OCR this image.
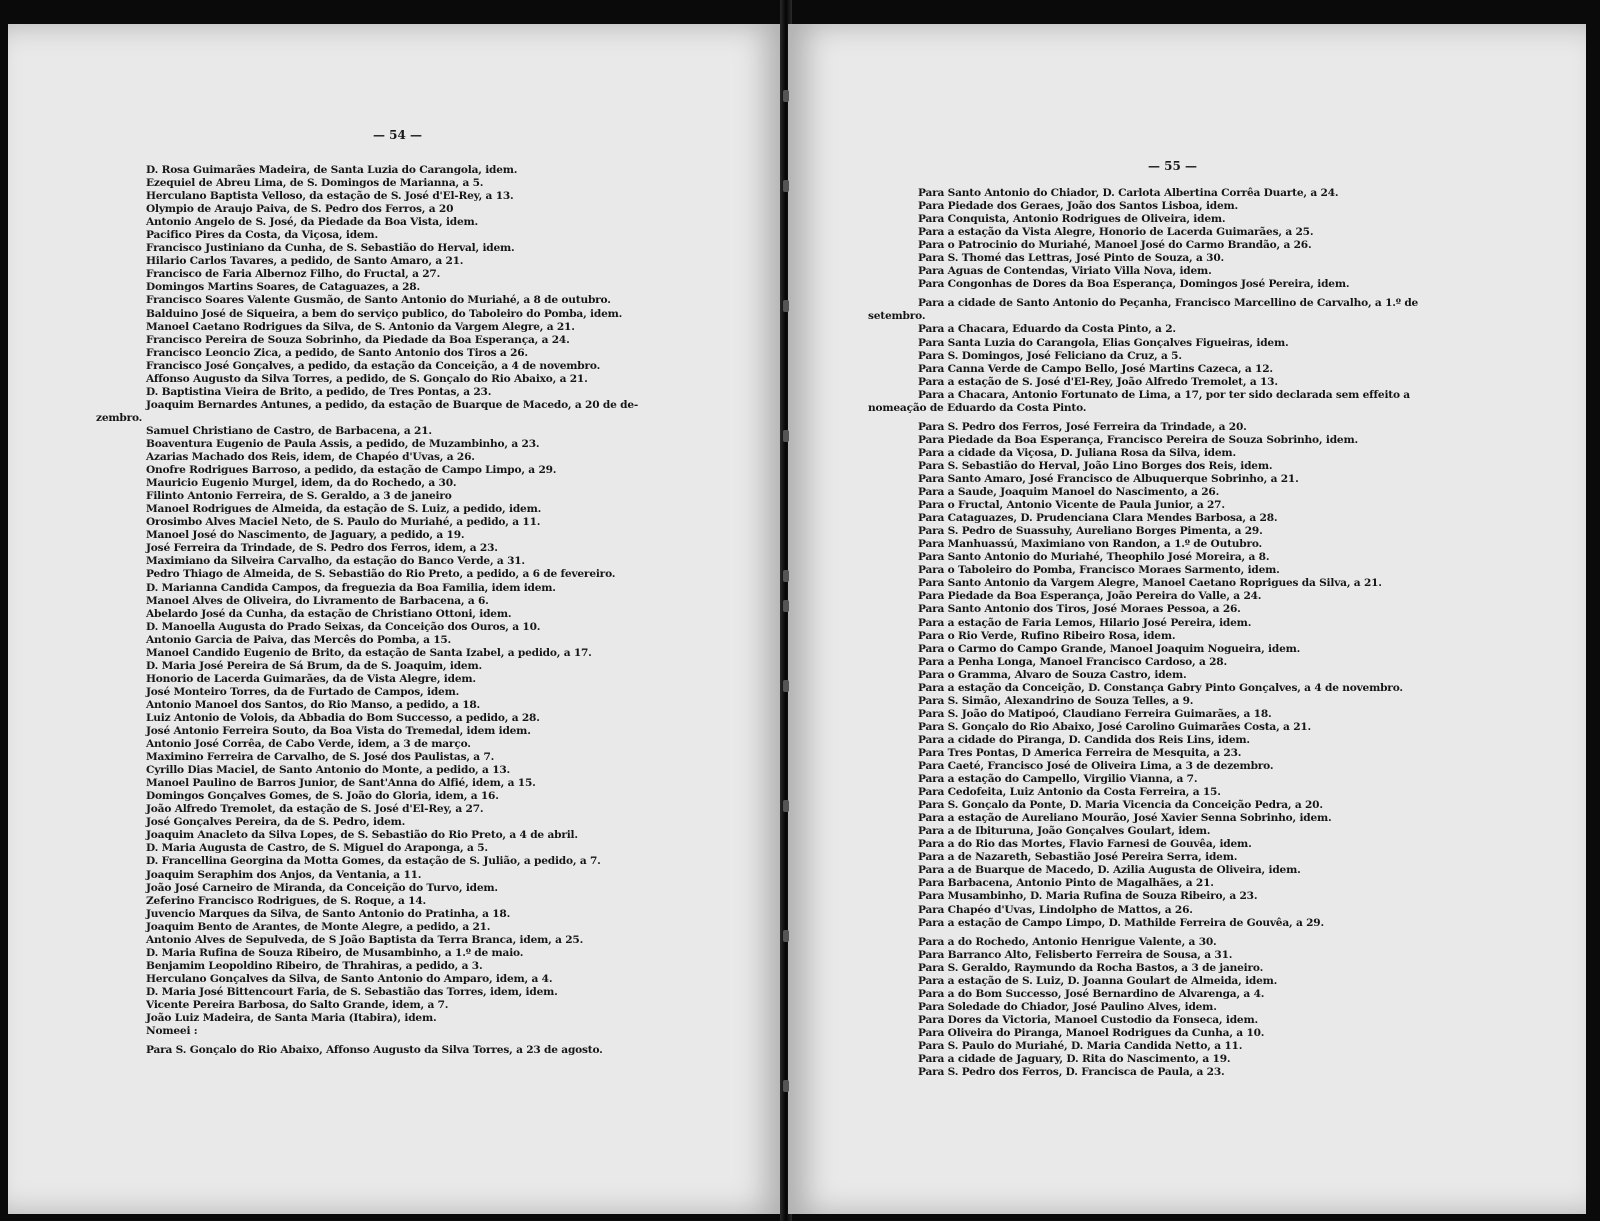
— 54 —
D. Rosa Guimarães Madeira, de Santa Luzia do Carangola, idem.
Ezequiel de Abreu Lima, de S. Domingos de Marianna, a 5.
Herculano Baptista Velloso, da estação de S. José d'El-Rey, a 13.
Olympio de Araujo Paiva, de S. Pedro dos Ferros, a 20
Antonio Angelo de S. José, da Piedade da Boa Vista, idem.
Pacifico Pires da Costa, da Viçosa, idem.
Francisco Justiniano da Cunha, de S. Sebastião do Herval, idem.
Hilario Carlos Tavares, a pedido, de Santo Amaro, a 21.
Francisco de Faria Albernoz Filho, do Fructal, a 27.
Domingos Martins Soares, de Cataguazes, a 28.
Francisco Soares Valente Gusmão, de Santo Antonio do Muriahé, a 8 de outubro.
Balduino José de Siqueira, a bem do serviço publico, do Taboleiro do Pomba, idem.
Manoel Caetano Rodrigues da Silva, de S. Antonio da Vargem Alegre, a 21.
Francisco Pereira de Souza Sobrinho, da Piedade da Boa Esperança, a 24.
Francisco Leoncio Zica, a pedido, de Santo Antonio dos Tiros a 26.
Francisco José Gonçalves, a pedido, da estação da Conceição, a 4 de novembro.
Affonso Augusto da Silva Torres, a pedido, de S. Gonçalo do Rio Abaixo, a 21.
D. Baptistina Vieira de Brito, a pedido, de Tres Pontas, a 23.
Joaquim Bernardes Antunes, a pedido, da estação de Buarque de Macedo, a 20 de de-
zembro.
Samuel Christiano de Castro, de Barbacena, a 21.
Boaventura Eugenio de Paula Assis, a pedido, de Muzambinho, a 23.
Azarias Machado dos Reis, idem, de Chapéo d'Uvas, a 26.
Onofre Rodrigues Barroso, a pedido, da estação de Campo Limpo, a 29.
Mauricio Eugenio Murgel, idem, da do Rochedo, a 30.
Filinto Antonio Ferreira, de S. Geraldo, a 3 de janeiro
Manoel Rodrigues de Almeida, da estação de S. Luiz, a pedido, idem.
Orosimbo Alves Maciel Neto, de S. Paulo do Muriahé, a pedido, a 11.
Manoel José do Nascimento, de Jaguary, a pedido, a 19.
José Ferreira da Trindade, de S. Pedro dos Ferros, idem, a 23.
Maximiano da Silveira Carvalho, da estação do Banco Verde, a 31.
Pedro Thiago de Almeida, de S. Sebastião do Rio Preto, a pedido, a 6 de fevereiro.
D. Marianna Candida Campos, da freguezia da Boa Familia, idem idem.
Manoel Alves de Oliveira, do Livramento de Barbacena, a 6.
Abelardo José da Cunha, da estação de Christiano Ottoni, idem.
D. Manoella Augusta do Prado Seixas, da Conceição dos Ouros, a 10.
Antonio Garcia de Paiva, das Mercês do Pomba, a 15.
Manoel Candido Eugenio de Brito, da estação de Santa Izabel, a pedido, a 17.
D. Maria José Pereira de Sá Brum, da de S. Joaquim, idem.
Honorio de Lacerda Guimarães, da de Vista Alegre, idem.
José Monteiro Torres, da de Furtado de Campos, idem.
Antonio Manoel dos Santos, do Rio Manso, a pedido, a 18.
Luiz Antonio de Volois, da Abbadia do Bom Successo, a pedido, a 28.
José Antonio Ferreira Souto, da Boa Vista do Tremedal, idem idem.
Antonio José Corrêa, de Cabo Verde, idem, a 3 de março.
Maximino Ferreira de Carvalho, de S. José dos Paulistas, a 7.
Cyrillo Dias Maciel, de Santo Antonio do Monte, a pedido, a 13.
Manoel Paulino de Barros Junior, de Sant'Anna do Alfié, idem, a 15.
Domingos Gonçalves Gomes, de S. João do Gloria, idem, a 16.
João Alfredo Tremolet, da estação de S. José d'El-Rey, a 27.
José Gonçalves Pereira, da de S. Pedro, idem.
Joaquim Anacleto da Silva Lopes, de S. Sebastião do Rio Preto, a 4 de abril.
D. Maria Augusta de Castro, de S. Miguel do Araponga, a 5.
D. Francellina Georgina da Motta Gomes, da estação de S. Julião, a pedido, a 7.
Joaquim Seraphim dos Anjos, da Ventania, a 11.
João José Carneiro de Miranda, da Conceição do Turvo, idem.
Zeferino Francisco Rodrigues, de S. Roque, a 14.
Juvencio Marques da Silva, de Santo Antonio do Pratinha, a 18.
Joaquim Bento de Arantes, de Monte Alegre, a pedido, a 21.
Antonio Alves de Sepulveda, de S João Baptista da Terra Branca, idem, a 25.
D. Maria Rufina de Souza Ribeiro, de Musambinho, a 1.º de maio.
Benjamim Leopoldino Ribeiro, de Thrahiras, a pedido, a 3.
Herculano Gonçalves da Silva, de Santo Antonio do Amparo, idem, a 4.
D. Maria José Bittencourt Faria, de S. Sebastião das Torres, idem, idem.
Vicente Pereira Barbosa, do Salto Grande, idem, a 7.
João Luiz Madeira, de Santa Maria (Itabira), idem.
Nomeei :
Para S. Gonçalo do Rio Abaixo, Affonso Augusto da Silva Torres, a 23 de agosto.
— 55 —
Para Santo Antonio do Chiador, D. Carlota Albertina Corrêa Duarte, a 24.
Para Piedade dos Geraes, João dos Santos Lisboa, idem.
Para Conquista, Antonio Rodrigues de Oliveira, idem.
Para a estação da Vista Alegre, Honorio de Lacerda Guimarães, a 25.
Para o Patrocinio do Muriahé, Manoel José do Carmo Brandão, a 26.
Para S. Thomé das Lettras, José Pinto de Souza, a 30.
Para Aguas de Contendas, Viriato Villa Nova, idem.
Para Congonhas de Dores da Boa Esperança, Domingos José Pereira, idem.
Para a cidade de Santo Antonio do Peçanha, Francisco Marcellino de Carvalho, a 1.º de
setembro.
Para a Chacara, Eduardo da Costa Pinto, a 2.
Para Santa Luzia do Carangola, Elias Gonçalves Figueiras, idem.
Para S. Domingos, José Feliciano da Cruz, a 5.
Para Canna Verde de Campo Bello, José Martins Cazeca, a 12.
Para a estação de S. José d'El-Rey, João Alfredo Tremolet, a 13.
Para a Chacara, Antonio Fortunato de Lima, a 17, por ter sido declarada sem effeito a
nomeação de Eduardo da Costa Pinto.
Para S. Pedro dos Ferros, José Ferreira da Trindade, a 20.
Para Piedade da Boa Esperança, Francisco Pereira de Souza Sobrinho, idem.
Para a cidade da Viçosa, D. Juliana Rosa da Silva, idem.
Para S. Sebastião do Herval, João Lino Borges dos Reis, idem.
Para Santo Amaro, José Francisco de Albuquerque Sobrinho, a 21.
Para a Saude, Joaquim Manoel do Nascimento, a 26.
Para o Fructal, Antonio Vicente de Paula Junior, a 27.
Para Cataguazes, D. Prudenciana Clara Mendes Barbosa, a 28.
Para S. Pedro de Suassuhy, Aureliano Borges Pimenta, a 29.
Para Manhuassú, Maximiano von Randon, a 1.º de Outubro.
Para Santo Antonio do Muriahé, Theophilo José Moreira, a 8.
Para o Taboleiro do Pomba, Francisco Moraes Sarmento, idem.
Para Santo Antonio da Vargem Alegre, Manoel Caetano Roprigues da Silva, a 21.
Para Piedade da Boa Esperança, João Pereira do Valle, a 24.
Para Santo Antonio dos Tiros, José Moraes Pessoa, a 26.
Para a estação de Faria Lemos, Hilario José Pereira, idem.
Para o Rio Verde, Rufino Ribeiro Rosa, idem.
Para o Carmo do Campo Grande, Manoel Joaquim Nogueira, idem.
Para a Penha Longa, Manoel Francisco Cardoso, a 28.
Para o Gramma, Alvaro de Souza Castro, idem.
Para a estação da Conceição, D. Constança Gabry Pinto Gonçalves, a 4 de novembro.
Para S. Simão, Alexandrino de Souza Telles, a 9.
Para S. João do Matipoó, Claudiano Ferreira Guimarães, a 18.
Para S. Gonçalo do Rio Abaixo, José Carolino Guimarães Costa, a 21.
Para a cidade do Piranga, D. Candida dos Reis Lins, idem.
Para Tres Pontas, D America Ferreira de Mesquita, a 23.
Para Caeté, Francisco José de Oliveira Lima, a 3 de dezembro.
Para a estação do Campello, Virgilio Vianna, a 7.
Para Cedofeita, Luiz Antonio da Costa Ferreira, a 15.
Para S. Gonçalo da Ponte, D. Maria Vicencia da Conceição Pedra, a 20.
Para a estação de Aureliano Mourão, José Xavier Senna Sobrinho, idem.
Para a de Ibituruna, João Gonçalves Goulart, idem.
Para a do Rio das Mortes, Flavio Farnesi de Gouvêa, idem.
Para a de Nazareth, Sebastião José Pereira Serra, idem.
Para a de Buarque de Macedo, D. Azilia Augusta de Oliveira, idem.
Para Barbacena, Antonio Pinto de Magalhães, a 21.
Para Musambinho, D. Maria Rufina de Souza Ribeiro, a 23.
Para Chapéo d'Uvas, Lindolpho de Mattos, a 26.
Para a estação de Campo Limpo, D. Mathilde Ferreira de Gouvêa, a 29.
Para a do Rochedo, Antonio Henrigue Valente, a 30.
Para Barranco Alto, Felisberto Ferreira de Sousa, a 31.
Para S. Geraldo, Raymundo da Rocha Bastos, a 3 de janeiro.
Para a estação de S. Luiz, D. Joanna Goulart de Almeida, idem.
Para a do Bom Successo, José Bernardino de Alvarenga, a 4.
Para Soledade do Chiador, José Paulino Alves, idem.
Para Dores da Victoria, Manoel Custodio da Fonseca, idem.
Para Oliveira do Piranga, Manoel Rodrigues da Cunha, a 10.
Para S. Paulo do Muriahé, D. Maria Candida Netto, a 11.
Para a cidade de Jaguary, D. Rita do Nascimento, a 19.
Para S. Pedro dos Ferros, D. Francisca de Paula, a 23.
